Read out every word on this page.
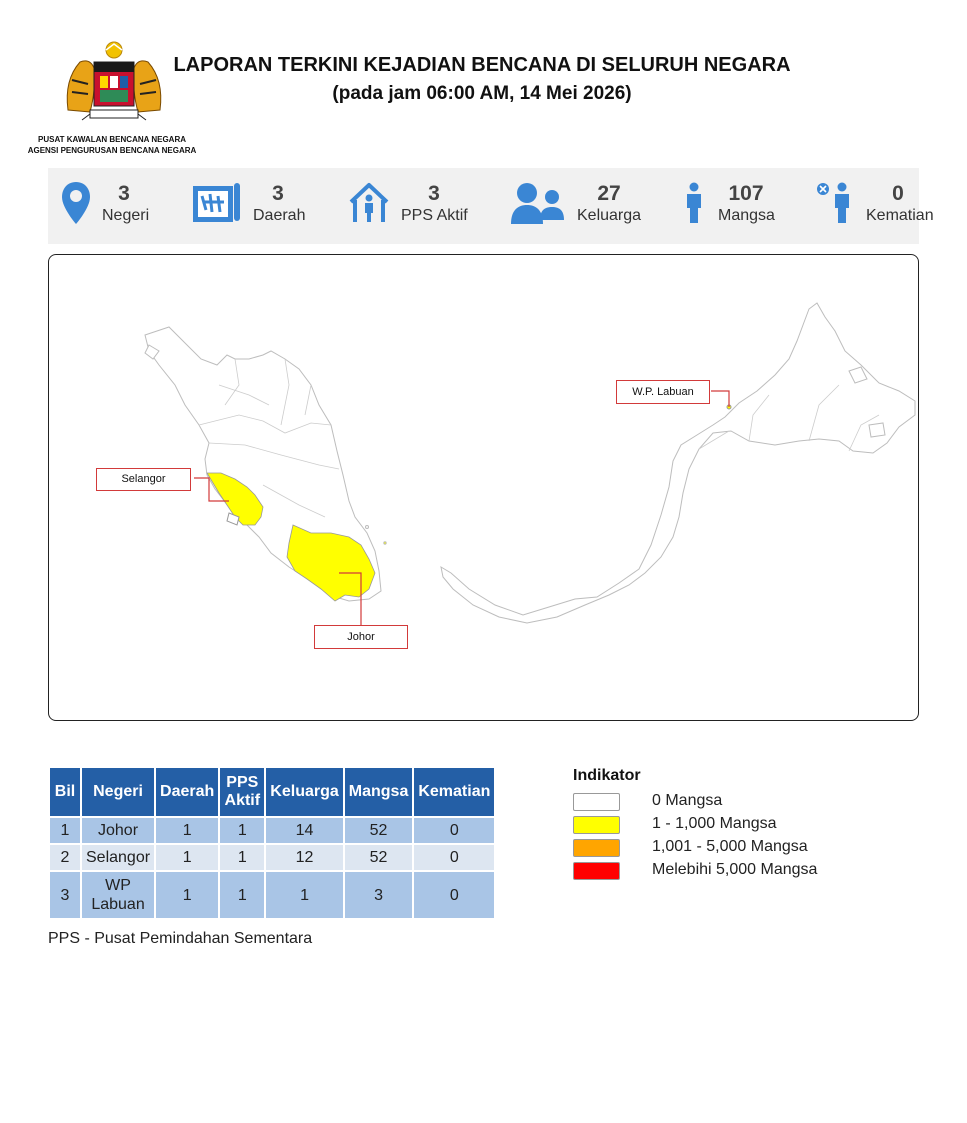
PUSAT KAWALAN BENCANA NEGARA
AGENSI PENGURUSAN BENCANA NEGARA
LAPORAN TERKINI KEJADIAN BENCANA DI SELURUH NEGARA
(pada jam 06:00 AM, 14 Mei 2026)
3
Negeri
3
Daerah
3
PPS Aktif
27
Keluarga
107
Mangsa
0
Kematian
Selangor
Johor
W.P. Labuan
Bil	Negeri	Daerah	PPS Aktif	Keluarga	Mangsa	Kematian
1	Johor	1	1	14	52	0
2	Selangor	1	1	12	52	0
3	WP Labuan	1	1	1	3	0
PPS - Pusat Pemindahan Sementara
Indikator
0 Mangsa
1 - 1,000 Mangsa
1,001 - 5,000 Mangsa
Melebihi 5,000 Mangsa
